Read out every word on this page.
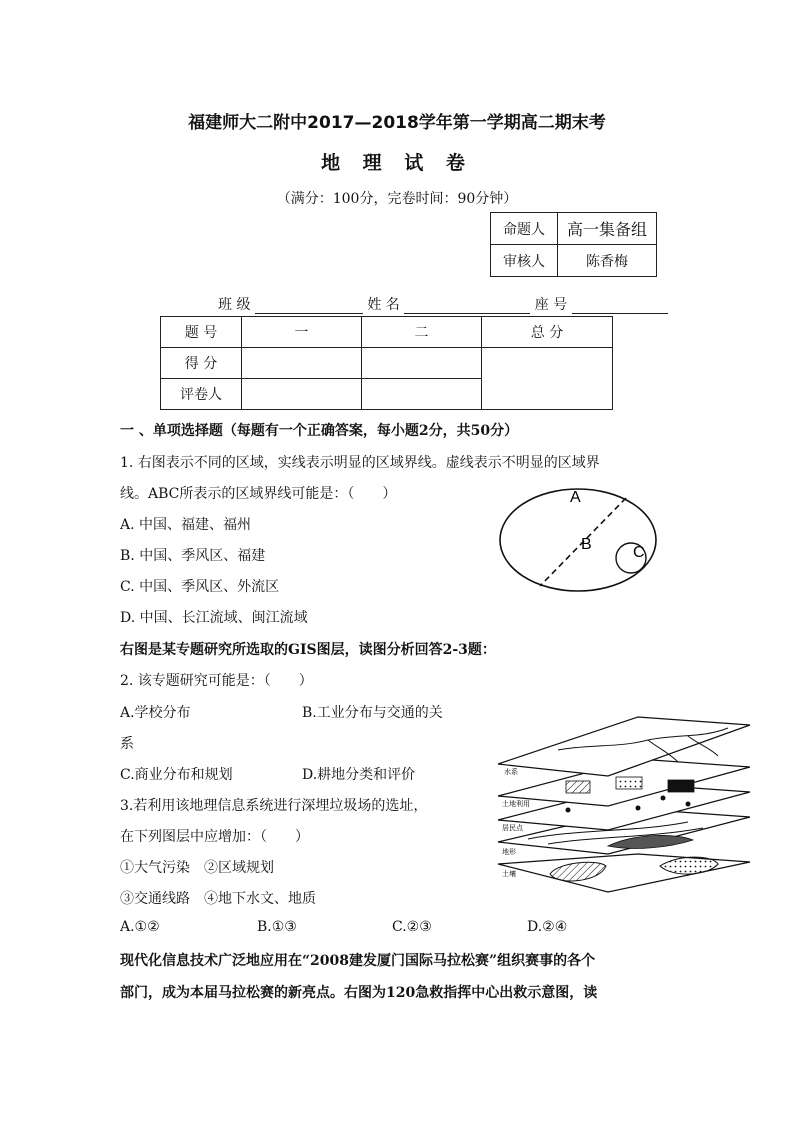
福建师大二附中2017—2018学年第一学期高二期末考
地 理 试 卷
（满分：100分，完卷时间：90分钟）
命题人	高一集备组
审核人	陈香梅
班 级	姓 名	座 号
题 号	一	二	总 分
得 分			
评卷人			
一 、单项选择题（每题有一个正确答案，每小题2分，共50分）
1. 右图表示不同的区域，实线表示明显的区域界线。虚线表示不明显的区域界
线。ABC所表示的区域界线可能是：（　　）
A. 中国、福建、福州
B. 中国、季风区、福建
C. 中国、季风区、外流区
D. 中国、长江流域、闽江流域
A
B	C
右图是某专题研究所选取的GIS图层，读图分析回答2-3题：
2. 该专题研究可能是：（　　）
A.学校分布	B.工业分布与交通的关
系
C.商业分布和规划	D.耕地分类和评价
3.若利用该地理信息系统进行深埋垃圾场的选址，
在下列图层中应增加：（　　）
①大气污染　②区域规划
③交通线路　④地下水文、地质
A.①②	B.①③	C.②③	D.②④
土壤
地形
居民点
土地利用
水系
现代化信息技术广泛地应用在“2008建发厦门国际马拉松赛”组织赛事的各个
部门，成为本届马拉松赛的新亮点。右图为120急救指挥中心出救示意图，读
